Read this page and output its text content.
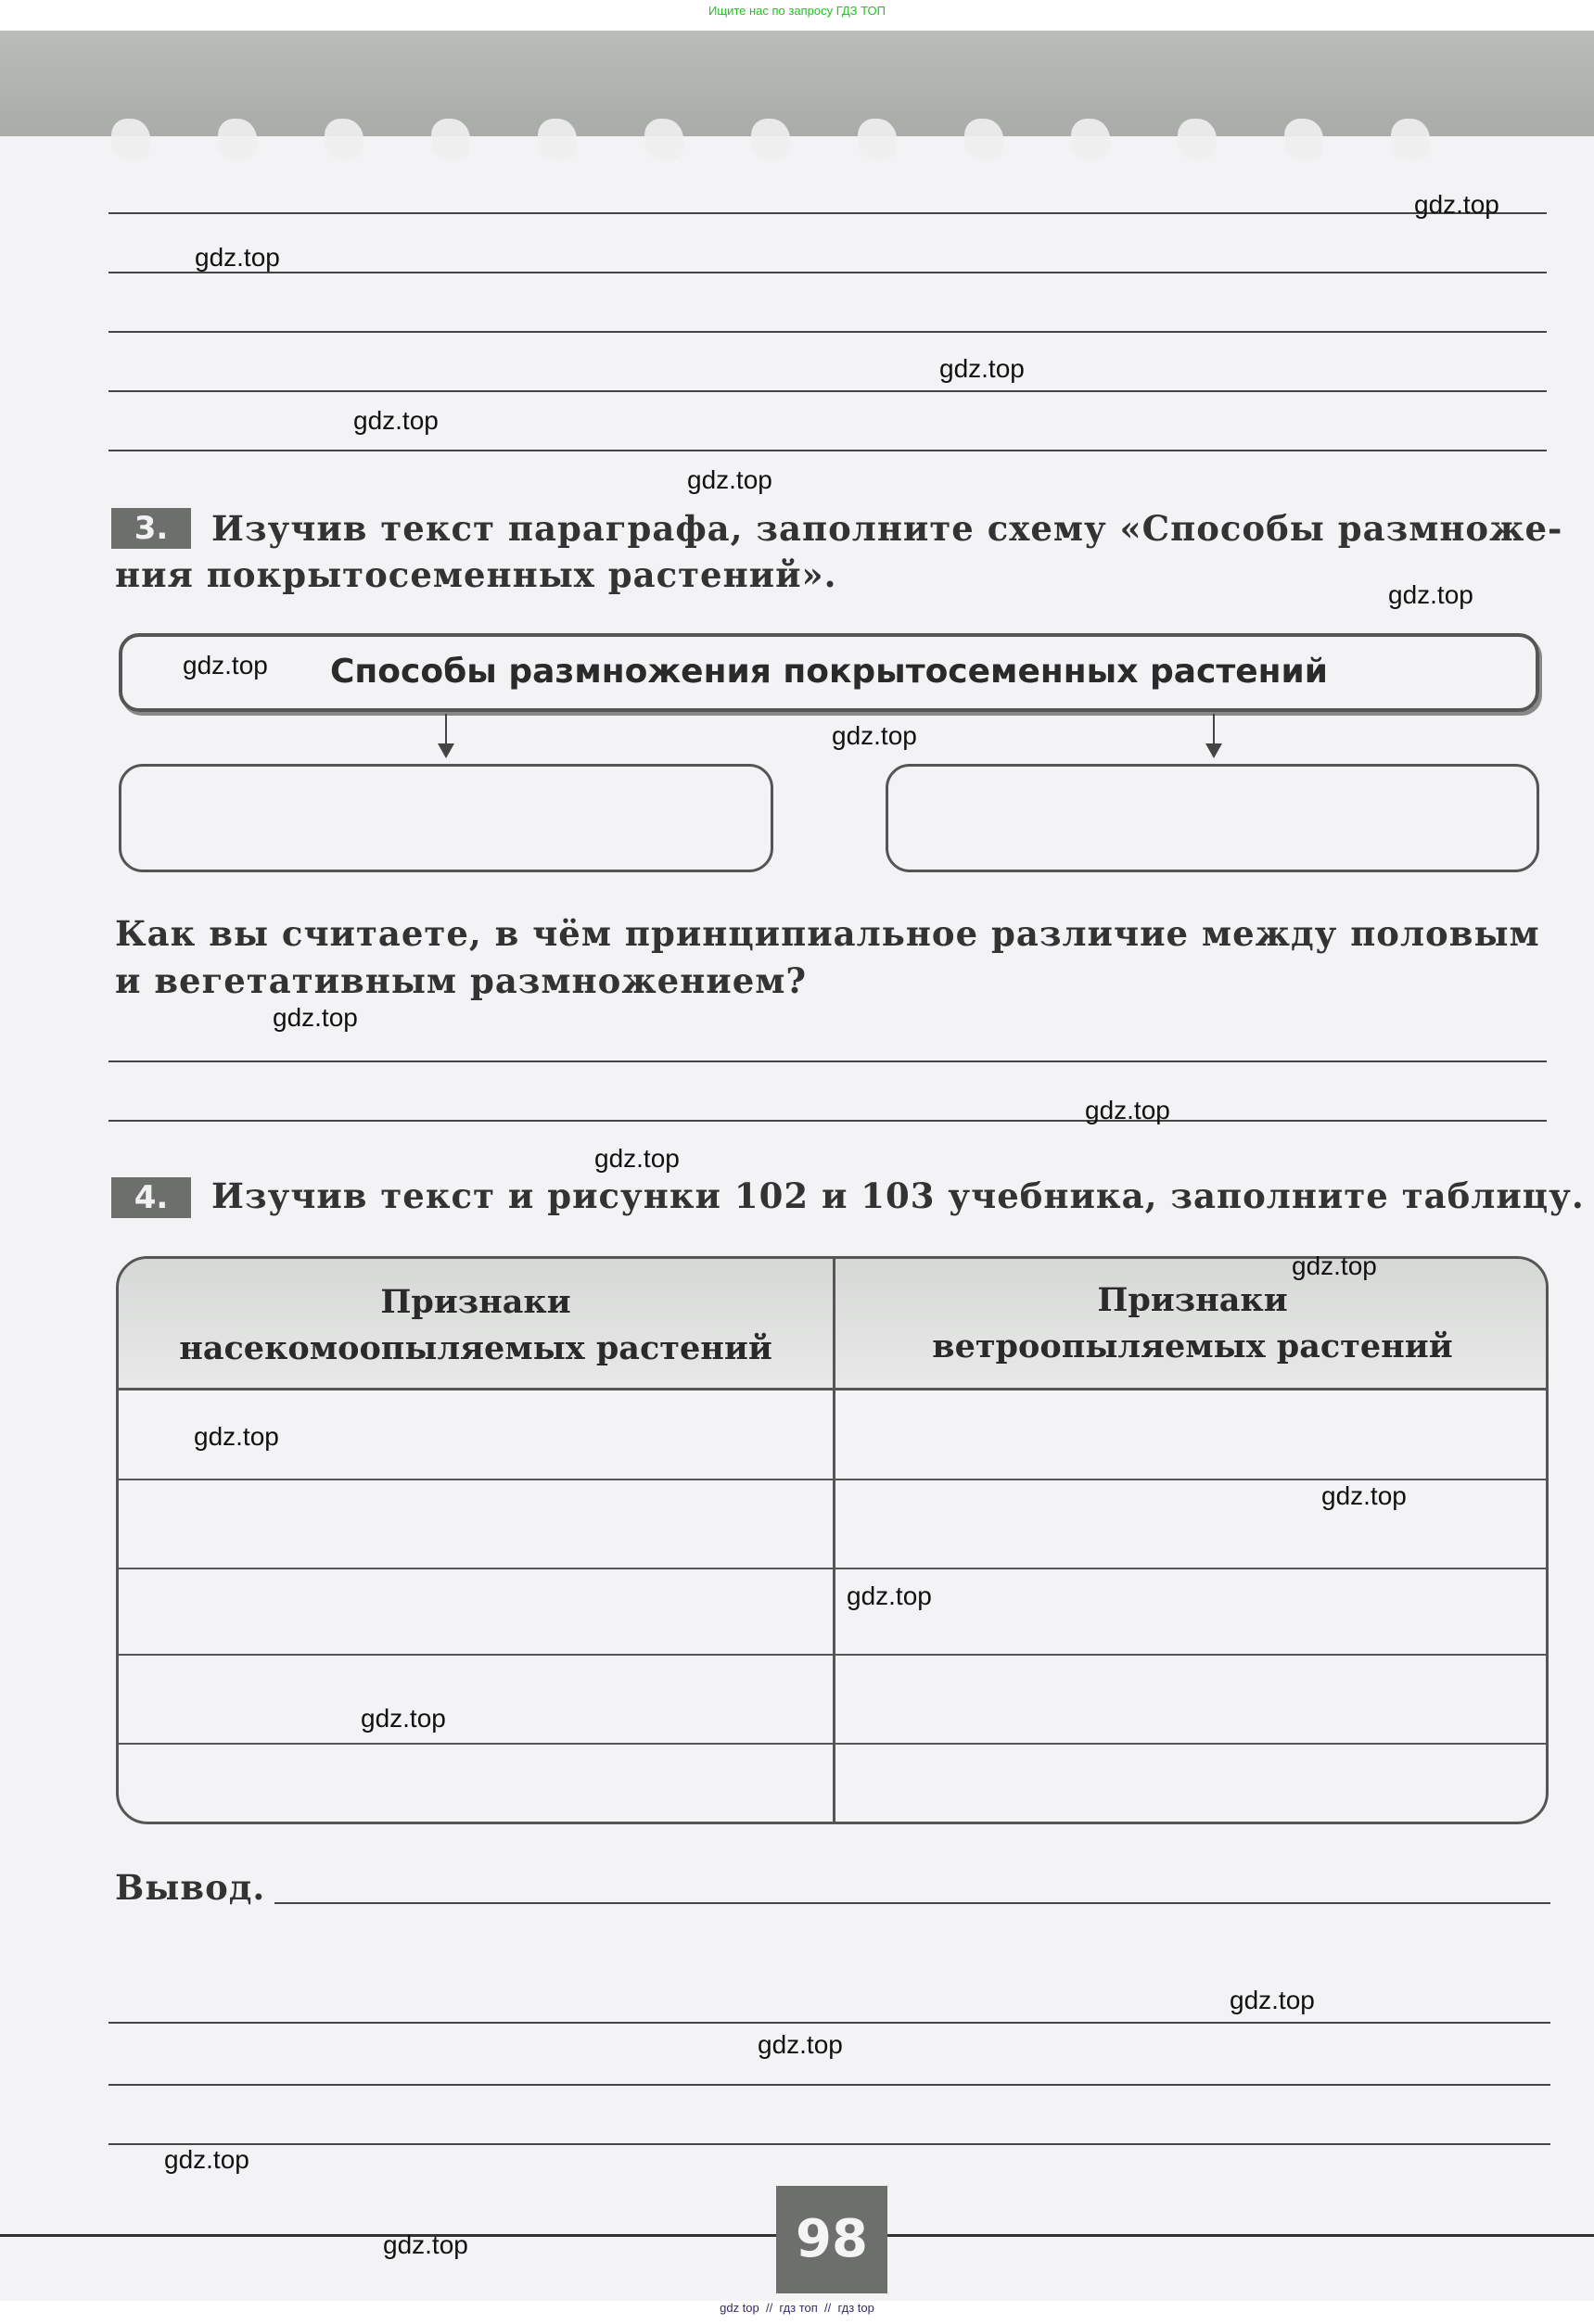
Ищите нас по запросу ГДЗ ТОП
3.	Изучив текст параграфа, заполните схему «Способы размноже-
ния покрытосеменных растений».
Способы размножения покрытосеменных растений
Как вы считаете, в чём принципиальное различие между половым
и вегетативным размножением?
4.	Изучив текст и рисунки 102 и 103 учебника, заполните таблицу.
Признаки
насекомоопыляемых растений
Признаки
ветроопыляемых растений
Вывод.
98
gdz top  //  гдз топ  //  гдз top
gdz.top
gdz.top
gdz.top
gdz.top
gdz.top
gdz.top
gdz.top
gdz.top
gdz.top
gdz.top
gdz.top
gdz.top
gdz.top
gdz.top
gdz.top
gdz.top
gdz.top
gdz.top
gdz.top
gdz.top
